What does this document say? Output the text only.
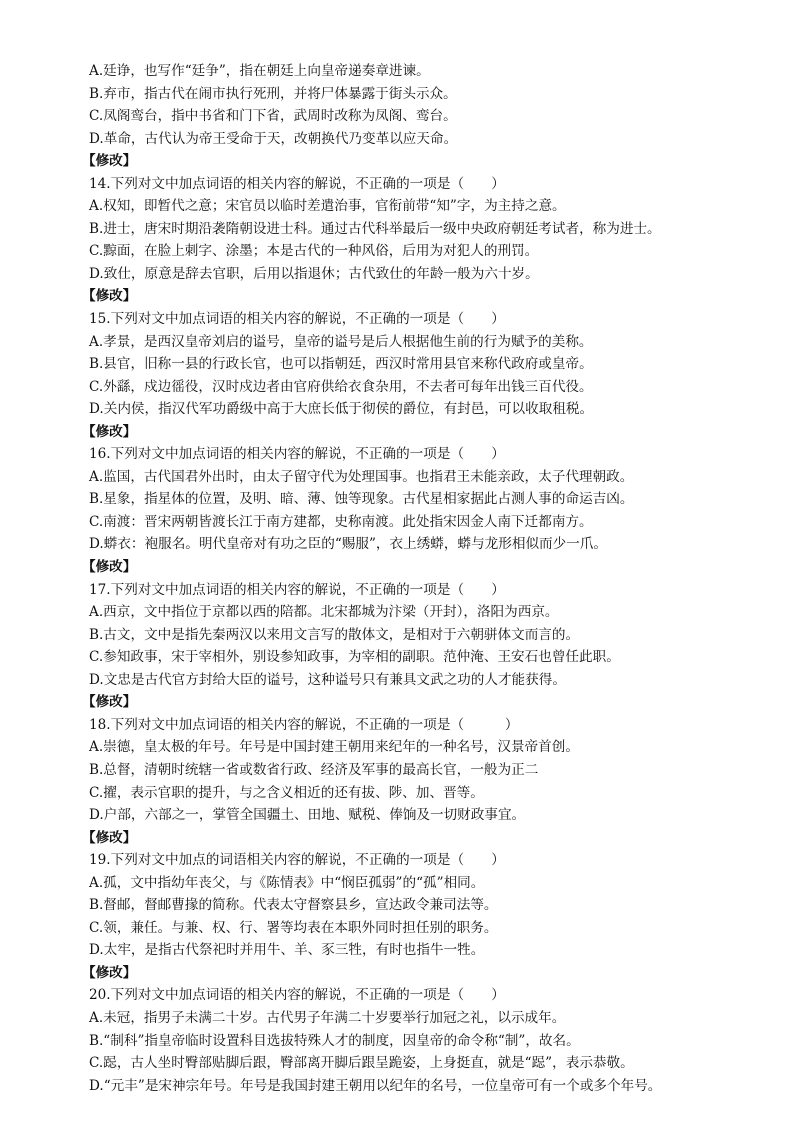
A.廷诤，也写作“廷争”，指在朝廷上向皇帝递奏章进谏。
B.弃市，指古代在闹市执行死刑，并将尸体暴露于街头示众。
C.凤阁鸾台，指中书省和门下省，武周时改称为凤阁、鸾台。
D.革命，古代认为帝王受命于天，改朝换代乃变革以应天命。
【修改】
14.下列对文中加点词语的相关内容的解说，不正确的一项是（　　）
A.权知，即暂代之意；宋官员以临时差遣治事，官衔前带“知”字，为主持之意。
B.进士，唐宋时期沿袭隋朝设进士科。通过古代科举最后一级中央政府朝廷考试者，称为进士。
C.黥面，在脸上刺字、涂墨；本是古代的一种风俗，后用为对犯人的刑罚。
D.致仕，原意是辞去官职，后用以指退休；古代致仕的年龄一般为六十岁。
【修改】
15.下列对文中加点词语的相关内容的解说，不正确的一项是（　　）
A.孝景，是西汉皇帝刘启的谥号，皇帝的谥号是后人根据他生前的行为赋予的美称。
B.县官，旧称一县的行政长官，也可以指朝廷，西汉时常用县官来称代政府或皇帝。
C.外繇，戍边徭役，汉时戍边者由官府供给衣食杂用，不去者可每年出钱三百代役。
D.关内侯，指汉代军功爵级中高于大庶长低于彻侯的爵位，有封邑，可以收取租税。
【修改】
16.下列对文中加点词语的相关内容的解说，不正确的一项是（　　）
A.监国，古代国君外出时，由太子留守代为处理国事。也指君王未能亲政，太子代理朝政。
B.星象，指星体的位置，及明、暗、薄、蚀等现象。古代星相家据此占测人事的命运吉凶。
C.南渡：晋宋两朝皆渡长江于南方建都，史称南渡。此处指宋因金人南下迁都南方。
D.蟒衣：袍服名。明代皇帝对有功之臣的“赐服”，衣上绣蟒，蟒与龙形相似而少一爪。
【修改】
17.下列对文中加点词语的相关内容的解说，不正确的一项是（　　）
A.西京，文中指位于京都以西的陪都。北宋都城为汴梁（开封），洛阳为西京。
B.古文，文中是指先秦两汉以来用文言写的散体文，是相对于六朝骈体文而言的。
C.参知政事，宋于宰相外，别设参知政事，为宰相的副职。范仲淹、王安石也曾任此职。
D.文忠是古代官方封给大臣的谥号，这种谥号只有兼具文武之功的人才能获得。
【修改】
18.下列对文中加点词语的相关内容的解说，不正确的一项是（　　　）
A.崇德，皇太极的年号。年号是中国封建王朝用来纪年的一种名号，汉景帝首创。
B.总督，清朝时统辖一省或数省行政、经济及军事的最高长官，一般为正二
C.擢，表示官职的提升，与之含义相近的还有拔、陟、加、晋等。
D.户部，六部之一，掌管全国疆土、田地、赋税、俸饷及一切财政事宜。
【修改】
19.下列对文中加点的词语相关内容的解说，不正确的一项是（　　）
A.孤，文中指幼年丧父，与《陈情表》中“悯臣孤弱”的“孤”相同。
B.督邮，督邮曹掾的简称。代表太守督察县乡，宣达政令兼司法等。
C.领，兼任。与兼、权、行、署等均表在本职外同时担任别的职务。
D.太牢，是指古代祭祀时并用牛、羊、豕三牲，有时也指牛一牲。
【修改】
20.下列对文中加点词语的相关内容的解说，不正确的一项是（　　）
A.未冠，指男子未满二十岁。古代男子年满二十岁要举行加冠之礼，以示成年。
B.“制科”指皇帝临时设置科目选拔特殊人才的制度，因皇帝的命令称“制”，故名。
C.跽，古人坐时臀部贴脚后跟，臀部离开脚后跟呈跪姿，上身挺直，就是“跽”，表示恭敬。
D.“元丰”是宋神宗年号。年号是我国封建王朝用以纪年的名号，一位皇帝可有一个或多个年号。
